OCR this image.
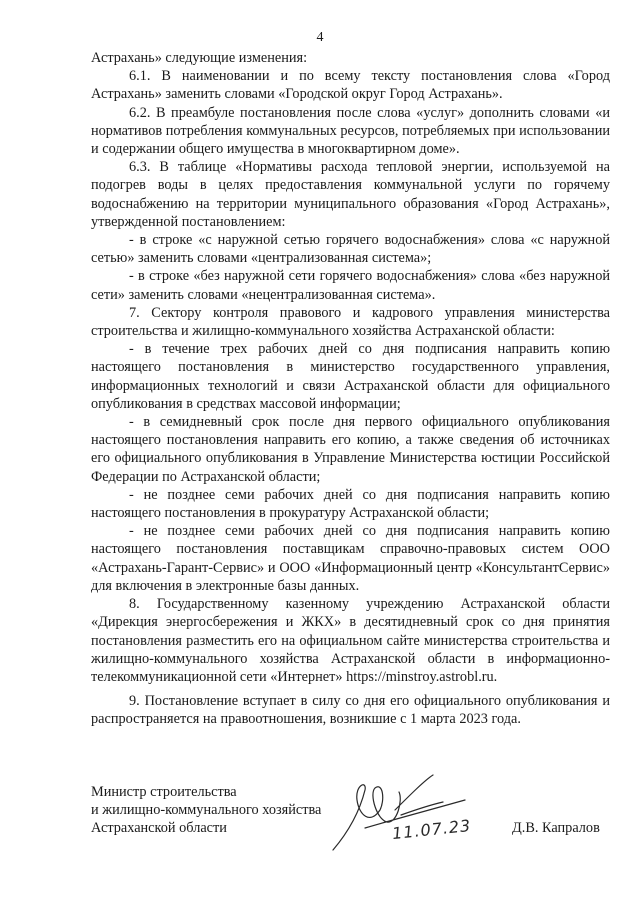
4

Астрахань» следующие изменения:

6.1. В наименовании и по всему тексту постановления слова «Город Астрахань» заменить словами «Городской округ Город Астрахань».

6.2. В преамбуле постановления после слова «услуг» дополнить словами «и нормативов потребления коммунальных ресурсов, потребляемых при использовании и содержании общего имущества в многоквартирном доме».

6.3. В таблице «Нормативы расхода тепловой энергии, используемой на подогрев воды в целях предоставления коммунальной услуги по горячему водоснабжению на территории муниципального образования «Город Астрахань», утвержденной постановлением:

- в строке «с наружной сетью горячего водоснабжения» слова «с наружной сетью» заменить словами «централизованная система»;

- в строке «без наружной сети горячего водоснабжения» слова «без наружной сети» заменить словами «нецентрализованная система».

7. Сектору контроля правового и кадрового управления министерства строительства и жилищно-коммунального хозяйства Астраханской области:

- в течение трех рабочих дней со дня подписания направить копию настоящего постановления в министерство государственного управления, информационных технологий и связи Астраханской области для официального опубликования в средствах массовой информации;

- в семидневный срок после дня первого официального опубликования настоящего постановления направить его копию, а также сведения об источниках его официального опубликования в Управление Министерства юстиции Российской Федерации по Астраханской области;

- не позднее семи рабочих дней со дня подписания направить копию настоящего постановления в прокуратуру Астраханской области;

- не позднее семи рабочих дней со дня подписания направить копию настоящего постановления поставщикам справочно-правовых систем ООО «Астрахань-Гарант-Сервис» и ООО «Информационный центр «КонсультантСервис» для включения в электронные базы данных.

8. Государственному казенному учреждению Астраханской области «Дирекция энергосбережения и ЖКХ» в десятидневный срок со дня принятия постановления разместить его на официальном сайте министерства строительства и жилищно-коммунального хозяйства Астраханской области в информационно-телекоммуникационной сети «Интернет» https://minstroy.astrobl.ru.

9. Постановление вступает в силу со дня его официального опубликования и распространяется на правоотношения, возникшие с 1 марта 2023 года.

Министр строительства
и жилищно-коммунального хозяйства
Астраханской области	11.07.23	Д.В. Капралов
